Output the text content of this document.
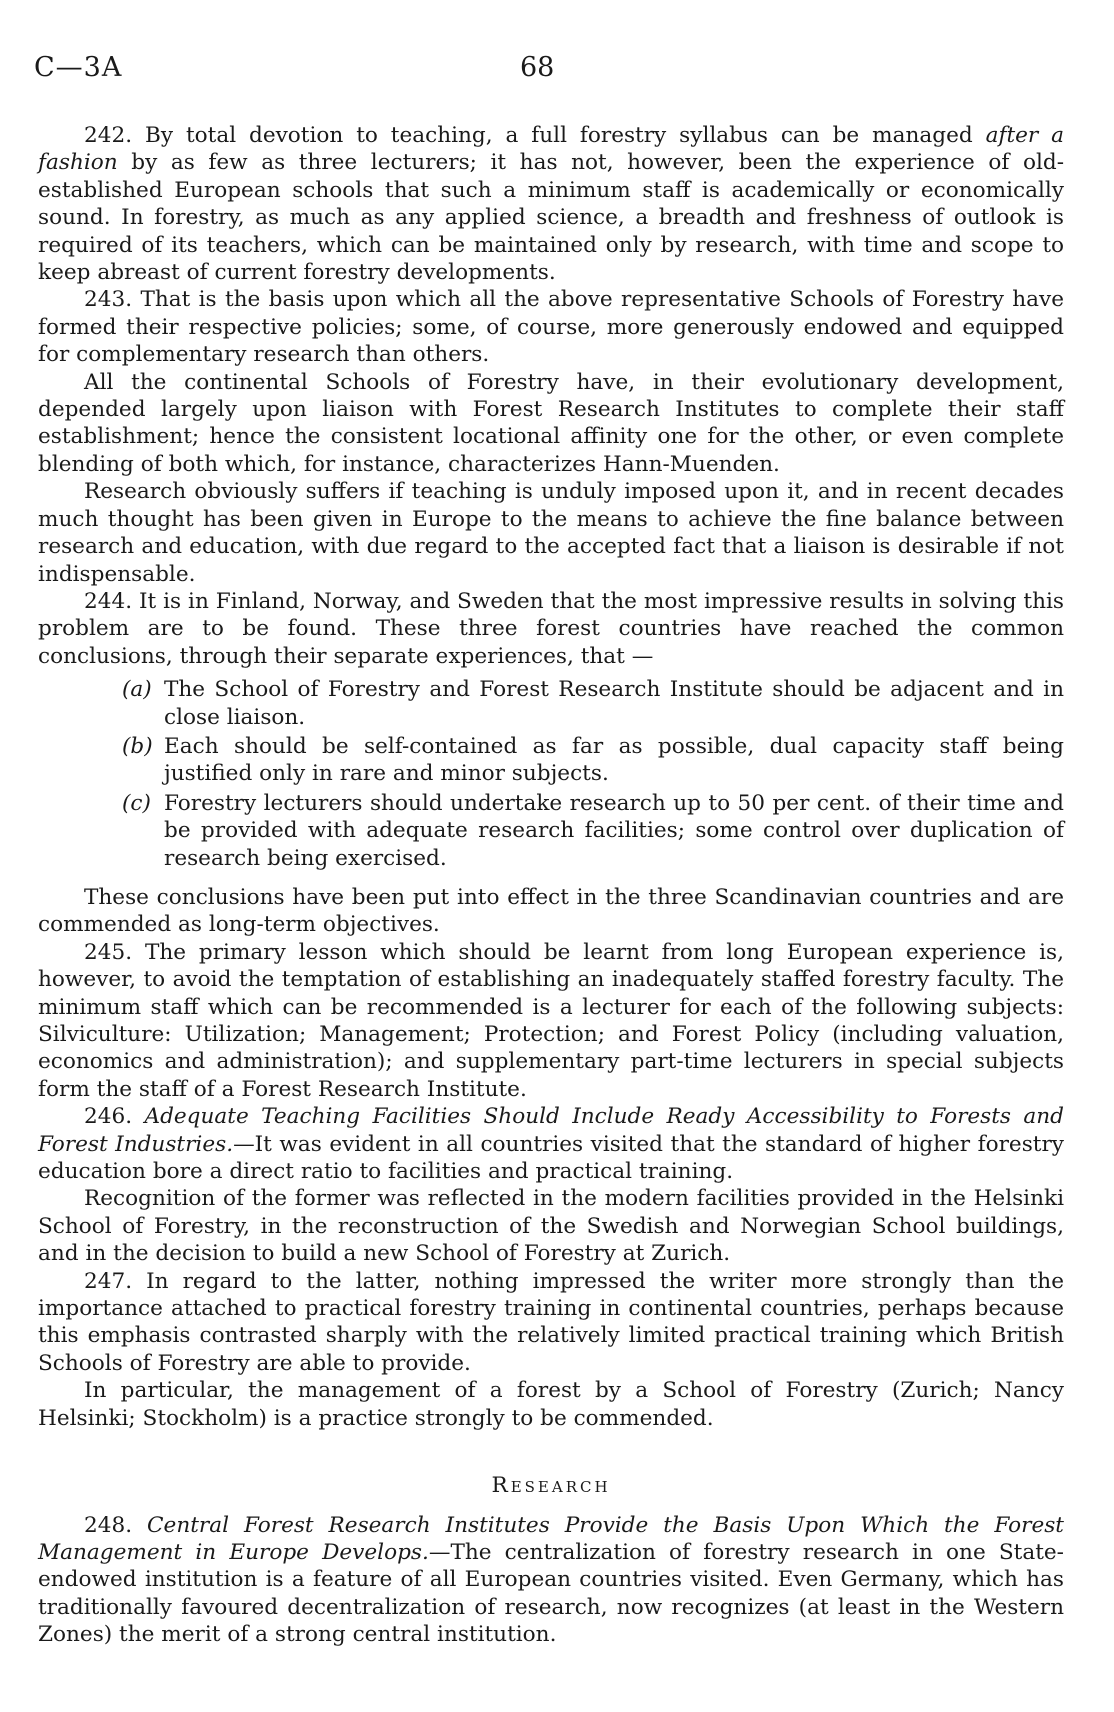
C—3A	68

242. By total devotion to teaching, a full forestry syllabus can be managed after a fashion by as few as three lecturers; it has not, however, been the experience of old-established European schools that such a minimum staff is academically or economically sound. In forestry, as much as any applied science, a breadth and freshness of outlook is required of its teachers, which can be maintained only by research, with time and scope to keep abreast of current forestry developments.

243. That is the basis upon which all the above representative Schools of Forestry have formed their respective policies; some, of course, more generously endowed and equipped for complementary research than others.

All the continental Schools of Forestry have, in their evolutionary development, depended largely upon liaison with Forest Research Institutes to complete their staff establishment; hence the consistent locational affinity one for the other, or even complete blending of both which, for instance, characterizes Hann-Muenden.

Research obviously suffers if teaching is unduly imposed upon it, and in recent decades much thought has been given in Europe to the means to achieve the fine balance between research and education, with due regard to the accepted fact that a liaison is desirable if not indispensable.

244. It is in Finland, Norway, and Sweden that the most impressive results in solving this problem are to be found. These three forest countries have reached the common conclusions, through their separate experiences, that —

(a) The School of Forestry and Forest Research Institute should be adjacent and in close liaison.
(b) Each should be self-contained as far as possible, dual capacity staff being justified only in rare and minor subjects.
(c) Forestry lecturers should undertake research up to 50 per cent. of their time and be provided with adequate research facilities; some control over duplication of research being exercised.

These conclusions have been put into effect in the three Scandinavian countries and are commended as long-term objectives.

245. The primary lesson which should be learnt from long European experience is, however, to avoid the temptation of establishing an inadequately staffed forestry faculty. The minimum staff which can be recommended is a lecturer for each of the following subjects: Silviculture: Utilization; Management; Protection; and Forest Policy (including valuation, economics and administration); and supplementary part-time lecturers in special subjects form the staff of a Forest Research Institute.

246. Adequate Teaching Facilities Should Include Ready Accessibility to Forests and Forest Industries.—It was evident in all countries visited that the standard of higher forestry education bore a direct ratio to facilities and practical training.

Recognition of the former was reflected in the modern facilities provided in the Helsinki School of Forestry, in the reconstruction of the Swedish and Norwegian School buildings, and in the decision to build a new School of Forestry at Zurich.

247. In regard to the latter, nothing impressed the writer more strongly than the importance attached to practical forestry training in continental countries, perhaps because this emphasis contrasted sharply with the relatively limited practical training which British Schools of Forestry are able to provide.

In particular, the management of a forest by a School of Forestry (Zurich; Nancy Helsinki; Stockholm) is a practice strongly to be commended.

Research

248. Central Forest Research Institutes Provide the Basis Upon Which the Forest Management in Europe Develops.—The centralization of forestry research in one State-endowed institution is a feature of all European countries visited. Even Germany, which has traditionally favoured decentralization of research, now recognizes (at least in the Western Zones) the merit of a strong central institution.
